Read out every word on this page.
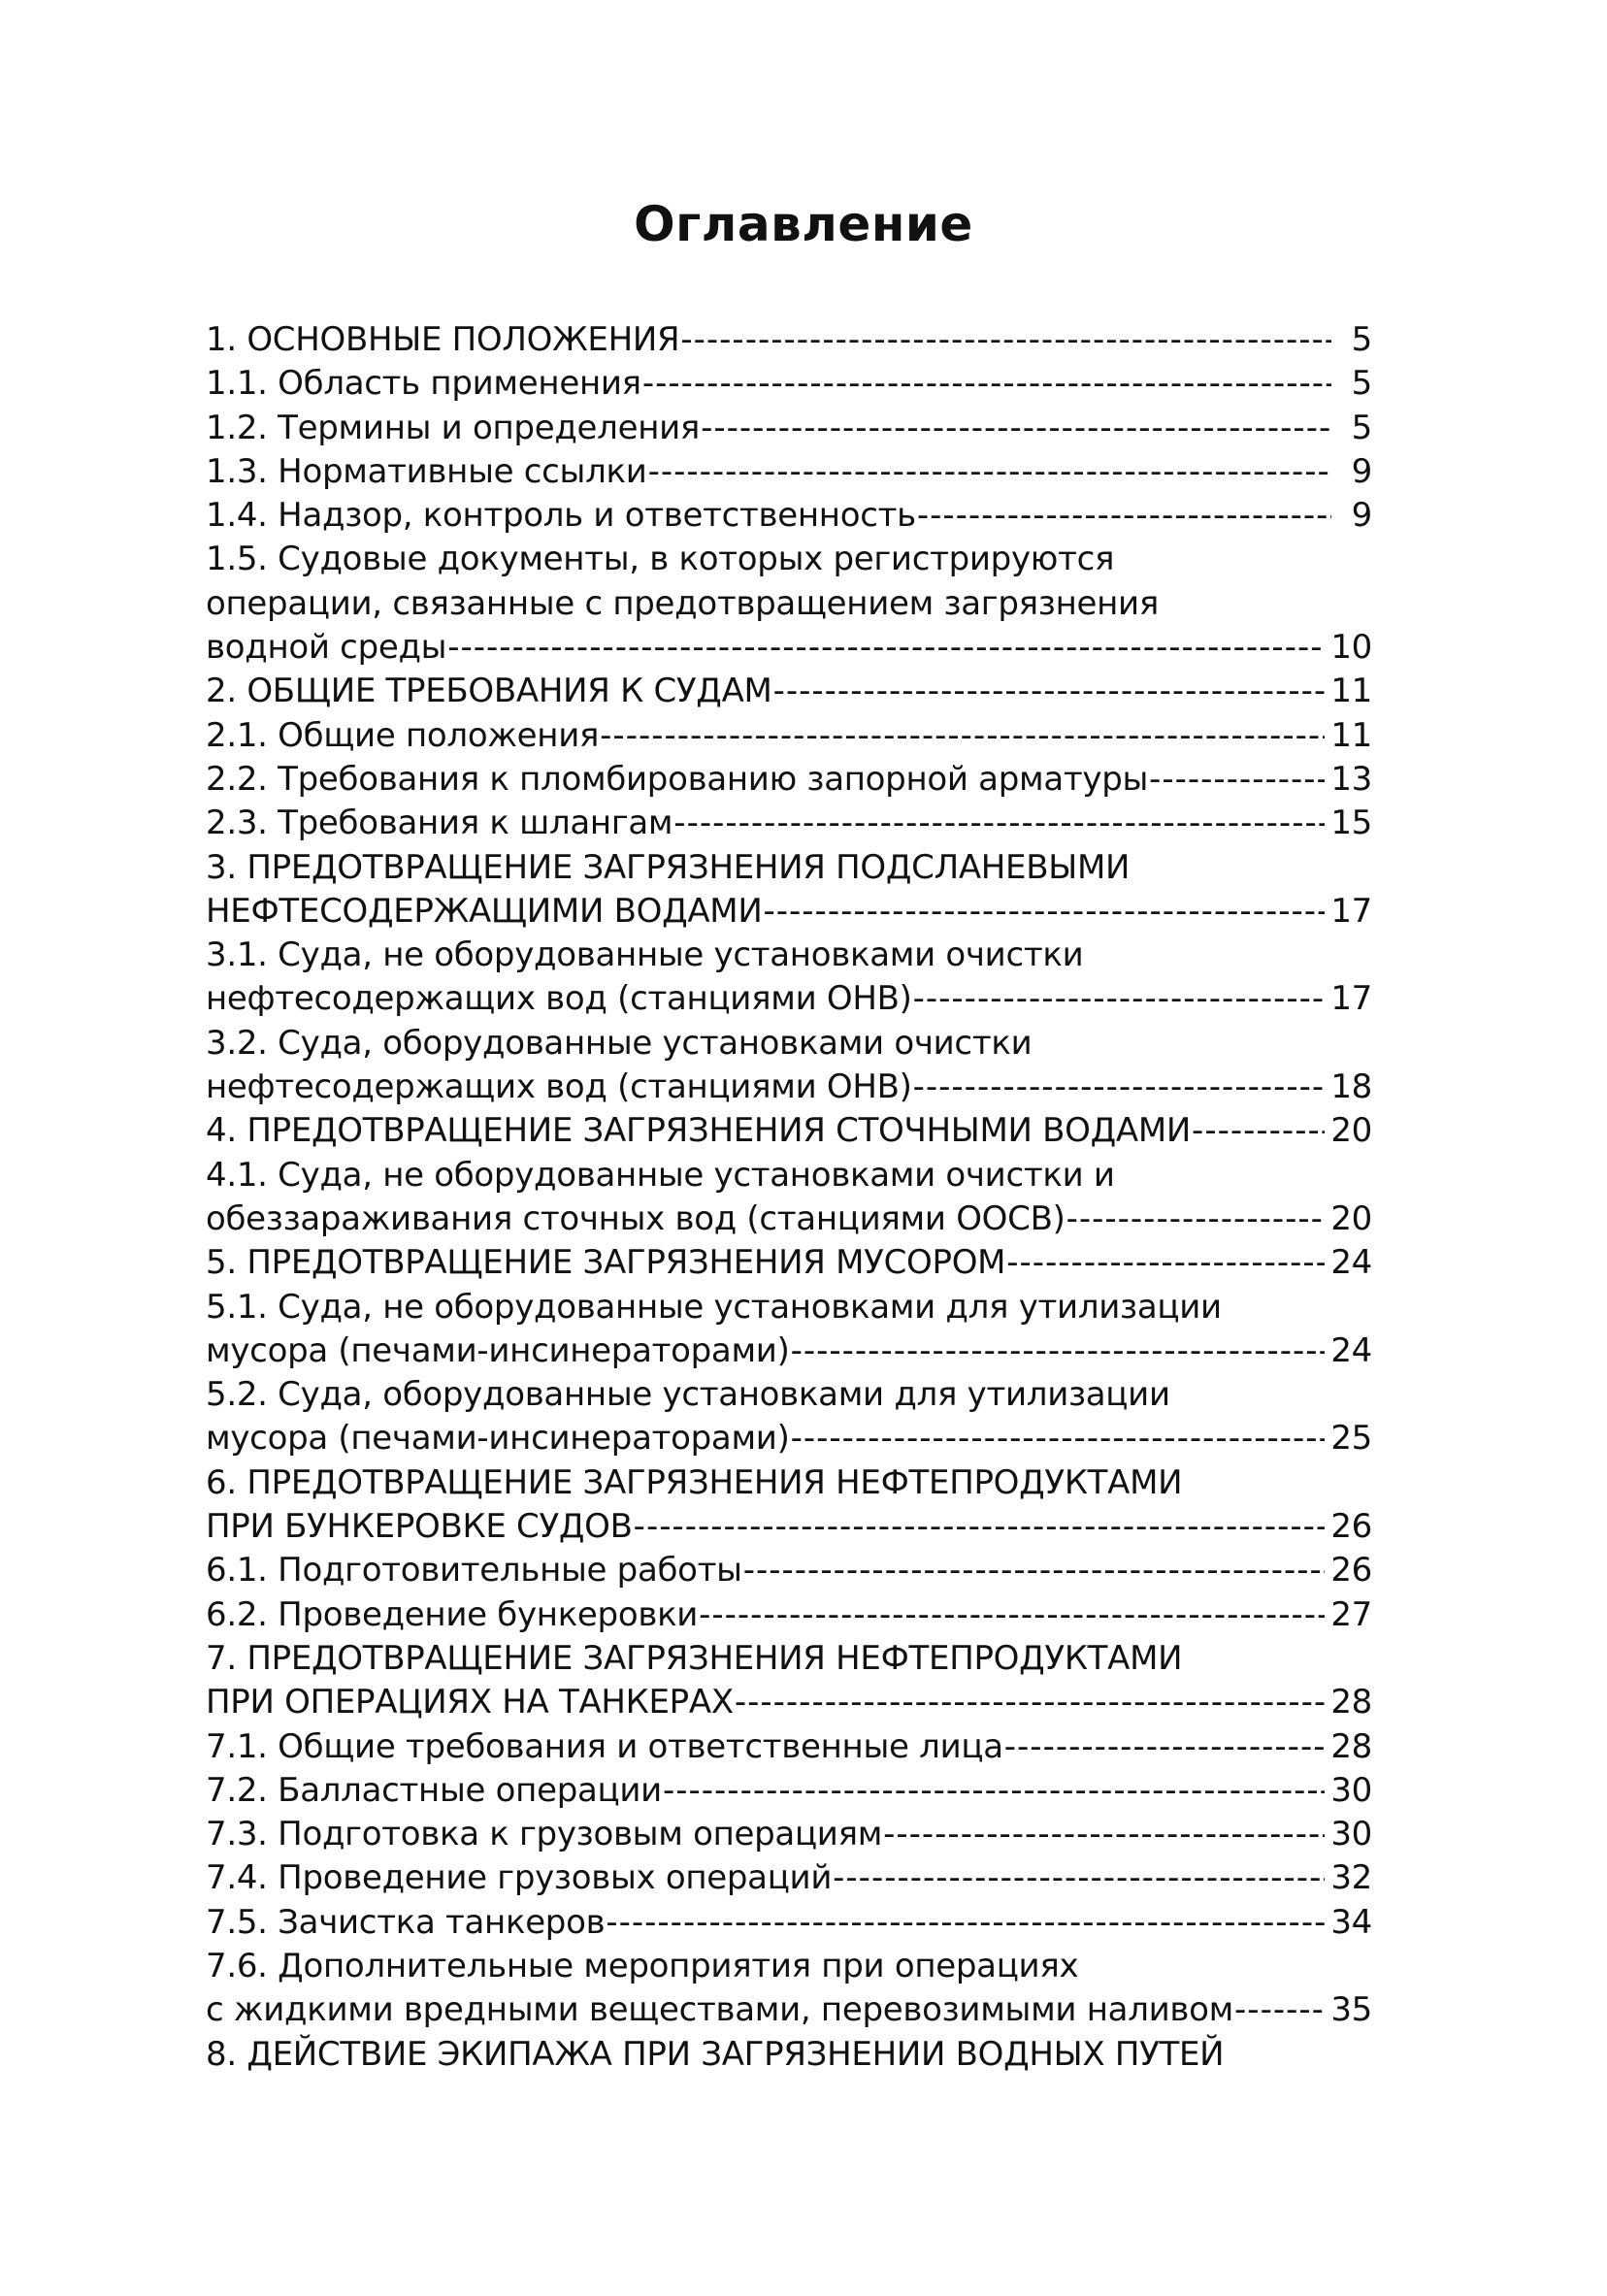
Оглавление
1. ОСНОВНЫЕ ПОЛОЖЕНИЯ -----	5
1.1. Область применения -----	5
1.2. Термины и определения -----	5
1.3. Нормативные ссылки -----	9
1.4. Надзор, контроль и ответственность -----	9
1.5. Судовые документы, в которых регистрируются
операции, связанные с предотвращением загрязнения
водной среды -----	10
2. ОБЩИЕ ТРЕБОВАНИЯ К СУДАМ -----	11
2.1. Общие положения -----	11
2.2. Требования к пломбированию запорной арматуры -----	13
2.3. Требования к шлангам -----	15
3. ПРЕДОТВРАЩЕНИЕ ЗАГРЯЗНЕНИЯ ПОДСЛАНЕВЫМИ
НЕФТЕСОДЕРЖАЩИМИ ВОДАМИ -----	17
3.1. Суда, не оборудованные установками очистки
нефтесодержащих вод (станциями ОНВ) -----	17
3.2. Суда, оборудованные установками очистки
нефтесодержащих вод (станциями ОНВ) -----	18
4. ПРЕДОТВРАЩЕНИЕ ЗАГРЯЗНЕНИЯ СТОЧНЫМИ ВОДАМИ -----	20
4.1. Суда, не оборудованные установками очистки и
обеззараживания сточных вод (станциями ООСВ) -----	20
5. ПРЕДОТВРАЩЕНИЕ ЗАГРЯЗНЕНИЯ МУСОРОМ -----	24
5.1. Суда, не оборудованные установками для утилизации
мусора (печами-инсинераторами) -----	24
5.2. Суда, оборудованные установками для утилизации
мусора (печами-инсинераторами) -----	25
6. ПРЕДОТВРАЩЕНИЕ ЗАГРЯЗНЕНИЯ НЕФТЕПРОДУКТАМИ
ПРИ БУНКЕРОВКЕ СУДОВ -----	26
6.1. Подготовительные работы -----	26
6.2. Проведение бункеровки -----	27
7. ПРЕДОТВРАЩЕНИЕ ЗАГРЯЗНЕНИЯ НЕФТЕПРОДУКТАМИ
ПРИ ОПЕРАЦИЯХ НА ТАНКЕРАХ -----	28
7.1. Общие требования и ответственные лица -----	28
7.2. Балластные операции -----	30
7.3. Подготовка к грузовым операциям -----	30
7.4. Проведение грузовых операций -----	32
7.5. Зачистка танкеров -----	34
7.6. Дополнительные мероприятия при операциях
с жидкими вредными веществами, перевозимыми наливом -----	35
8. ДЕЙСТВИЕ ЭКИПАЖА ПРИ ЗАГРЯЗНЕНИИ ВОДНЫХ ПУТЕЙ
